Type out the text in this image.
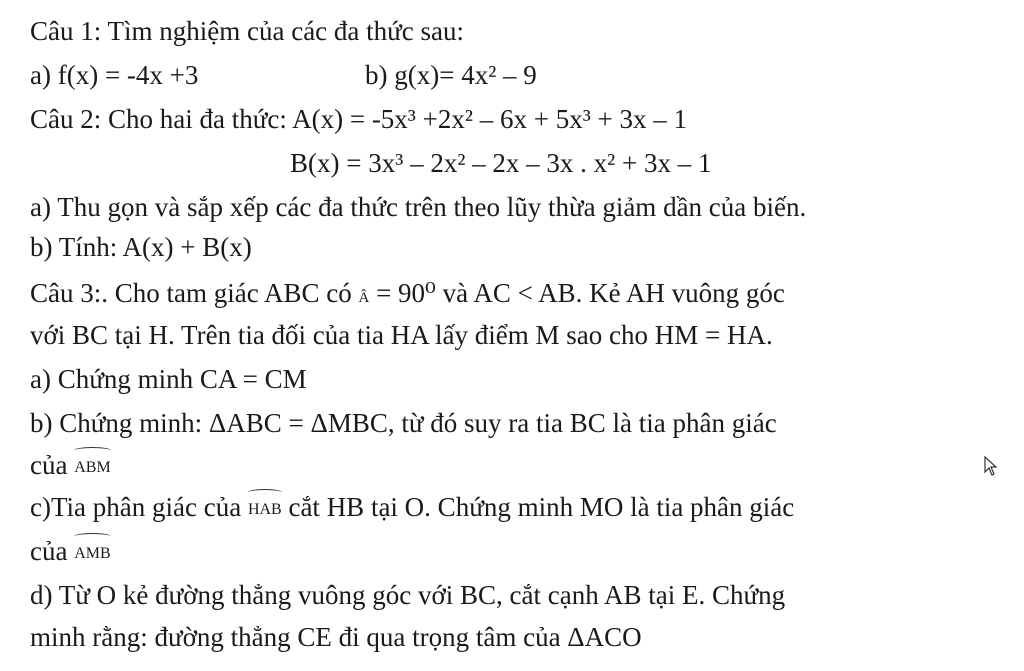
Câu 1: Tìm nghiệm của các đa thức sau:
a) f(x) = -4x +3	b) g(x)= 4x² – 9
Câu 2: Cho hai đa thức: A(x) = -5x³ +2x² – 6x + 5x³ + 3x – 1
B(x) = 3x³ – 2x² – 2x – 3x . x² + 3x – 1
a) Thu gọn và sắp xếp các đa thức trên theo lũy thừa giảm dần của biến.
b) Tính: A(x) + B(x)
Câu 3:. Cho tam giác ABC có Â = 90⁰ và AC < AB. Kẻ AH vuông góc
với BC tại H. Trên tia đối của tia HA lấy điểm M sao cho HM = HA.
a) Chứng minh CA = CM
b) Chứng minh: ΔABC = ΔMBC, từ đó suy ra tia BC là tia phân giác
của ABM
c)Tia phân giác của HAB cắt HB tại O. Chứng minh MO là tia phân giác
của AMB
d) Từ O kẻ đường thẳng vuông góc với BC, cắt cạnh AB tại E. Chứng
minh rằng: đường thẳng CE đi qua trọng tâm của ΔACO
